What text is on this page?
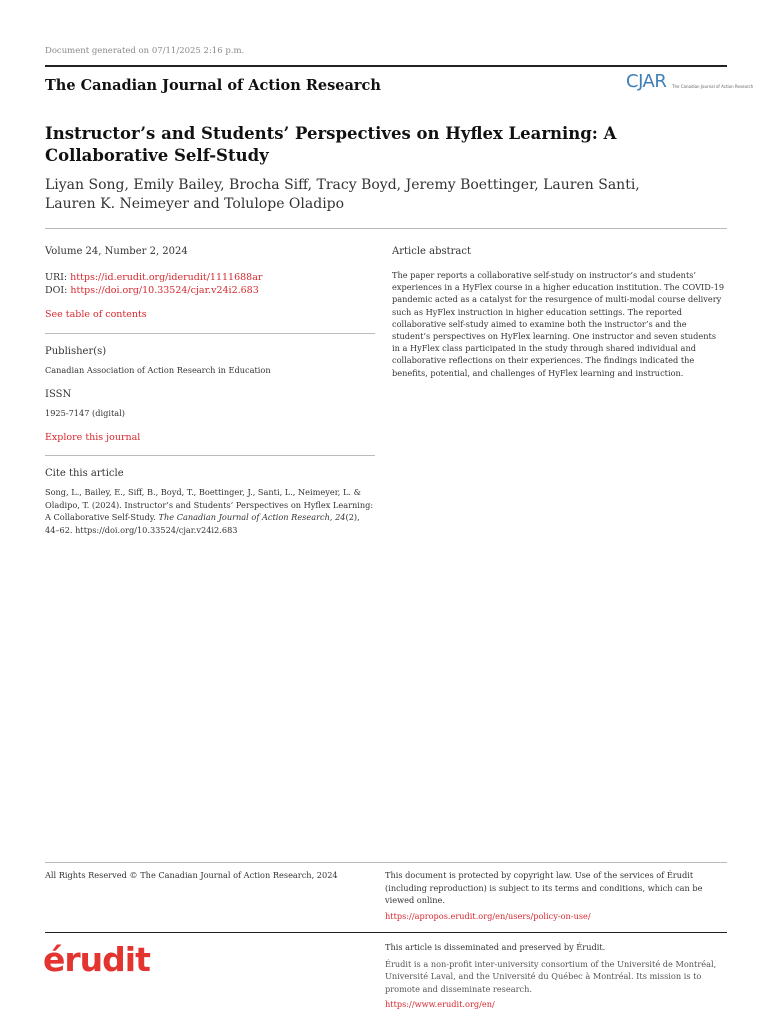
Document generated on 07/11/2025 2:16 p.m.
The Canadian Journal of Action Research	CJAR The Canadian Journal of Action Research
Instructor’s and Students’ Perspectives on Hyflex Learning: A Collaborative Self-Study
Liyan Song, Emily Bailey, Brocha Siff, Tracy Boyd, Jeremy Boettinger, Lauren Santi, Lauren K. Neimeyer and Tolulope Oladipo
Volume 24, Number 2, 2024
URI: https://id.erudit.org/iderudit/1111688ar
DOI: https://doi.org/10.33524/cjar.v24i2.683
See table of contents
Publisher(s)
Canadian Association of Action Research in Education
ISSN
1925-7147 (digital)
Explore this journal
Cite this article
Song, L., Bailey, E., Siff, B., Boyd, T., Boettinger, J., Santi, L., Neimeyer, L. & Oladipo, T. (2024). Instructor’s and Students’ Perspectives on Hyflex Learning: A Collaborative Self-Study. The Canadian Journal of Action Research, 24(2), 44–62. https://doi.org/10.33524/cjar.v24i2.683
Article abstract
The paper reports a collaborative self-study on instructor’s and students’ experiences in a HyFlex course in a higher education institution. The COVID-19 pandemic acted as a catalyst for the resurgence of multi-modal course delivery such as HyFlex instruction in higher education settings. The reported collaborative self-study aimed to examine both the instructor’s and the student’s perspectives on HyFlex learning. One instructor and seven students in a HyFlex class participated in the study through shared individual and collaborative reflections on their experiences. The findings indicated the benefits, potential, and challenges of HyFlex learning and instruction.
All Rights Reserved © The Canadian Journal of Action Research, 2024	This document is protected by copyright law. Use of the services of Érudit (including reproduction) is subject to its terms and conditions, which can be viewed online.
https://apropos.erudit.org/en/users/policy-on-use/
érudit	This article is disseminated and preserved by Érudit.
Érudit is a non-profit inter-university consortium of the Université de Montréal, Université Laval, and the Université du Québec à Montréal. Its mission is to promote and disseminate research.
https://www.erudit.org/en/
